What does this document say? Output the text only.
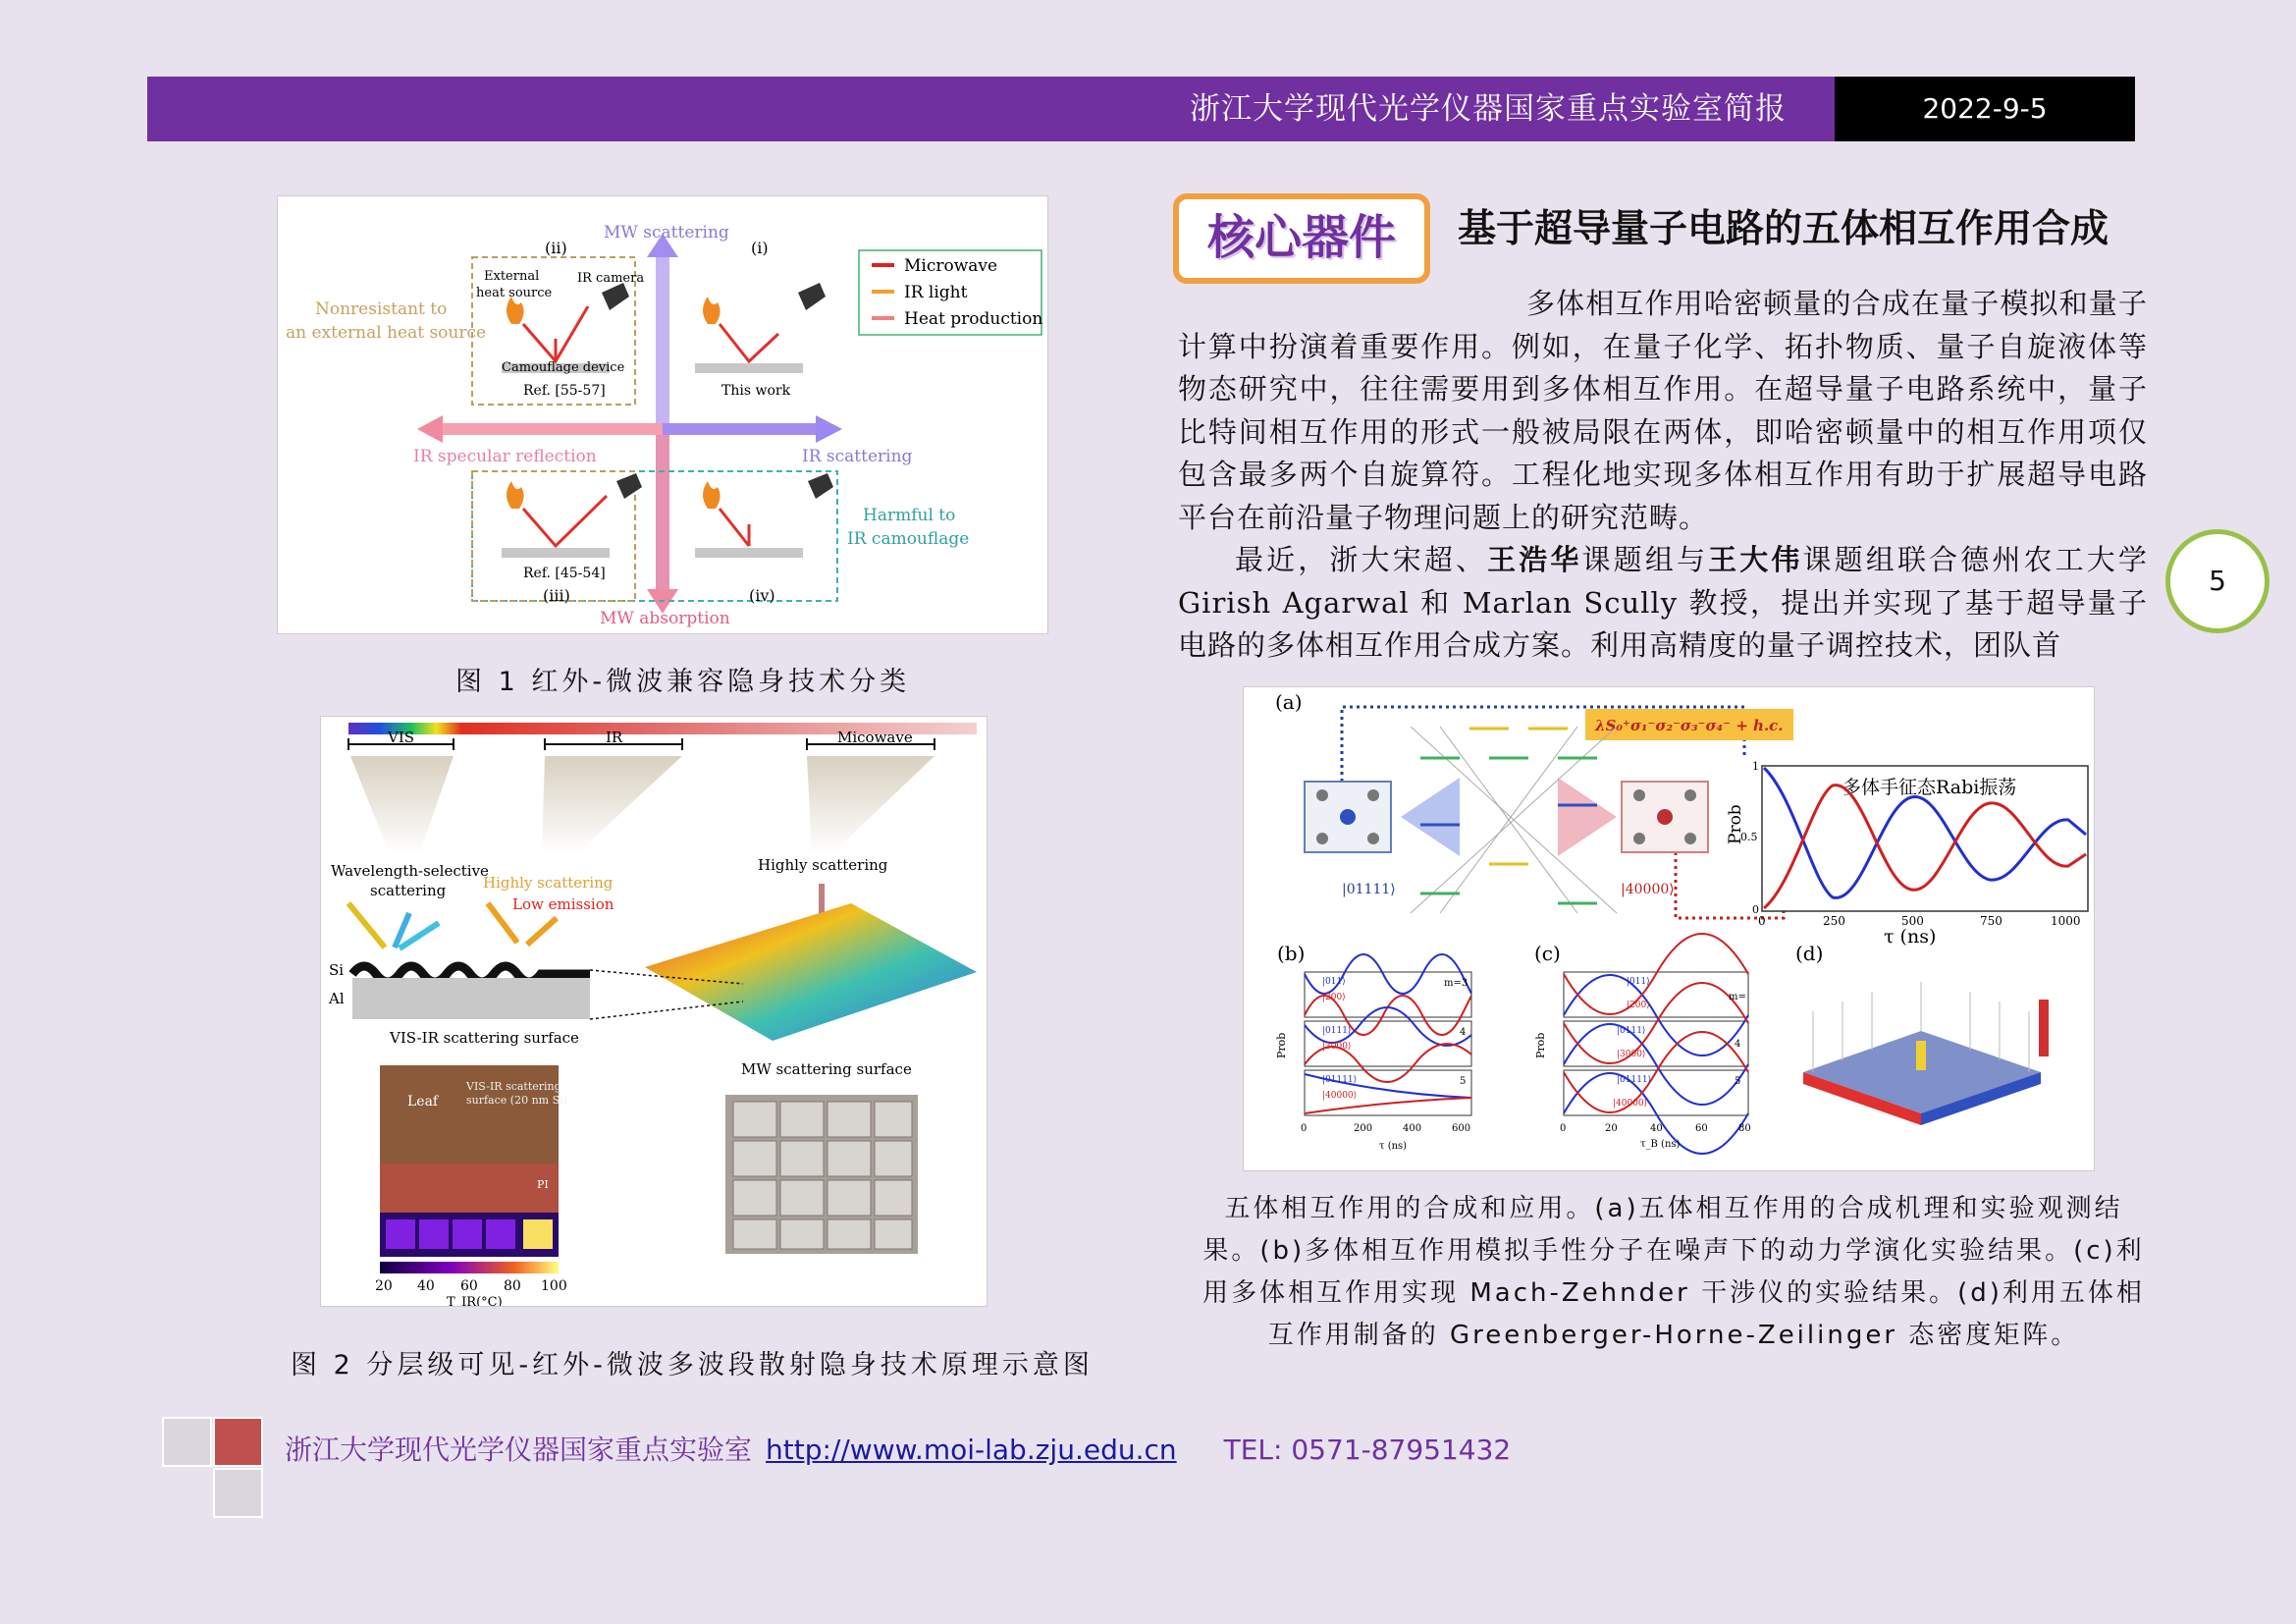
浙江大学现代光学仪器国家重点实验室简报	2022-9-5
Microwave
IR light
Heat production
MW scattering
MW absorption
IR specular reflection	IR scattering
Nonresistant to
an external heat source
Harmful to
IR camouflage
(ii)	(i)
(iii)	(iv)
External
heat source
IR camera
Camouflage device
Ref. [55-57]	This work
Ref. [45-54]
图 1 红外-微波兼容隐身技术分类
VIS	IR	Micowave
Wavelength-selective
scattering	Highly scattering
Low emission
Highly scattering
Si
Al
VIS-IR scattering surface
MW scattering surface
Leaf
VIS-IR scattering
surface (20 nm Si)
PI
20 40 60 80 100
T_IR(°C)
图 2 分层级可见-红外-微波多波段散射隐身技术原理示意图
核心器件	基于超导量子电路的五体相互作用合成
多体相互作用哈密顿量的合成在量子模拟和量子计算中扮演着重要作用。例如，在量子化学、拓扑物质、量子自旋液体等物态研究中，往往需要用到多体相互作用。在超导量子电路系统中，量子比特间相互作用的形式一般被局限在两体，即哈密顿量中的相互作用项仅包含最多两个自旋算符。工程化地实现多体相互作用有助于扩展超导电路平台在前沿量子物理问题上的研究范畴。
最近，浙大宋超、王浩华课题组与王大伟课题组联合德州农工大学 Girish Agarwal 和 Marlan Scully 教授，提出并实现了基于超导量子电路的多体相互作用合成方案。利用高精度的量子调控技术，团队首
5
(a)
λS₀⁺σ₁⁻σ₂⁻σ₃⁻σ₄⁻ + h.c.
|01111⟩	|40000⟩
多体手征态Rabi振荡
Prob
1
0.5
0
0	250	500	750	1000
τ (ns)
(b)
|011⟩
|200⟩
m=3
|0111⟩
|3000⟩
4
|01111⟩
|40000⟩
5
Prob
0	200	400	600
τ (ns)
(c)
|011⟩
|200⟩
m=
|0111⟩
|3000⟩
4
|01111⟩
|40000⟩
5
Prob
0	20	40	60	80
τ_B (ns)
(d)
五体相互作用的合成和应用。(a)五体相互作用的合成机理和实验观测结果。(b)多体相互作用模拟手性分子在噪声下的动力学演化实验结果。(c)利用多体相互作用实现 Mach-Zehnder 干涉仪的实验结果。(d)利用五体相互作用制备的 Greenberger-Horne-Zeilinger 态密度矩阵。
浙江大学现代光学仪器国家重点实验室 http://www.moi-lab.zju.edu.cn TEL: 0571-87951432
